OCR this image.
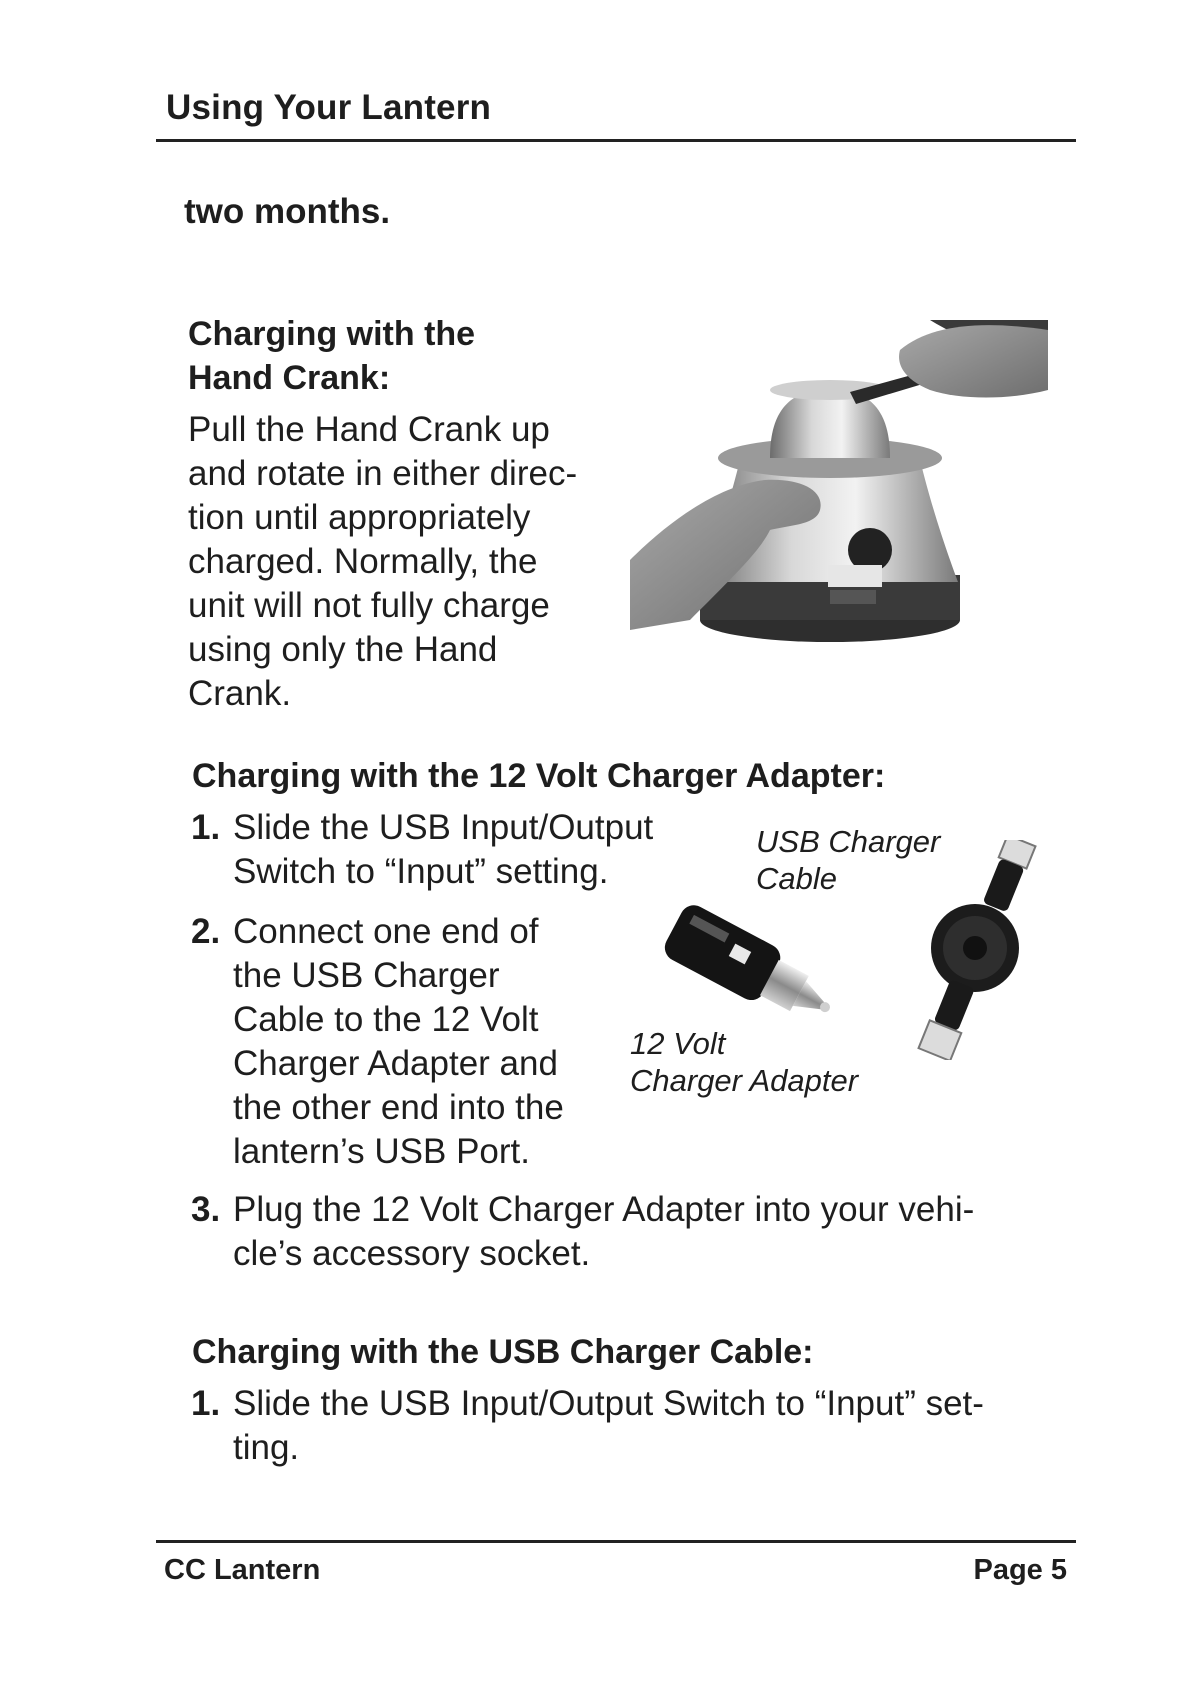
Using Your Lantern
two months.
Charging with the
Hand Crank:
Pull the Hand Crank up
and rotate in either direc-
tion until appropriately
charged. Normally, the
unit will not fully charge
using only the Hand
Crank.
Charging with the 12 Volt Charger Adapter:
1. Slide the USB Input/Output
Switch to “Input” setting.
2. Connect one end of
the USB Charger
Cable to the 12 Volt
Charger Adapter and
the other end into the
lantern’s USB Port.
USB Charger
Cable
12 Volt
Charger Adapter
3. Plug the 12 Volt Charger Adapter into your vehi-
cle’s accessory socket.
Charging with the USB Charger Cable:
1. Slide the USB Input/Output Switch to “Input” set-
ting.
CC Lantern	Page 5
